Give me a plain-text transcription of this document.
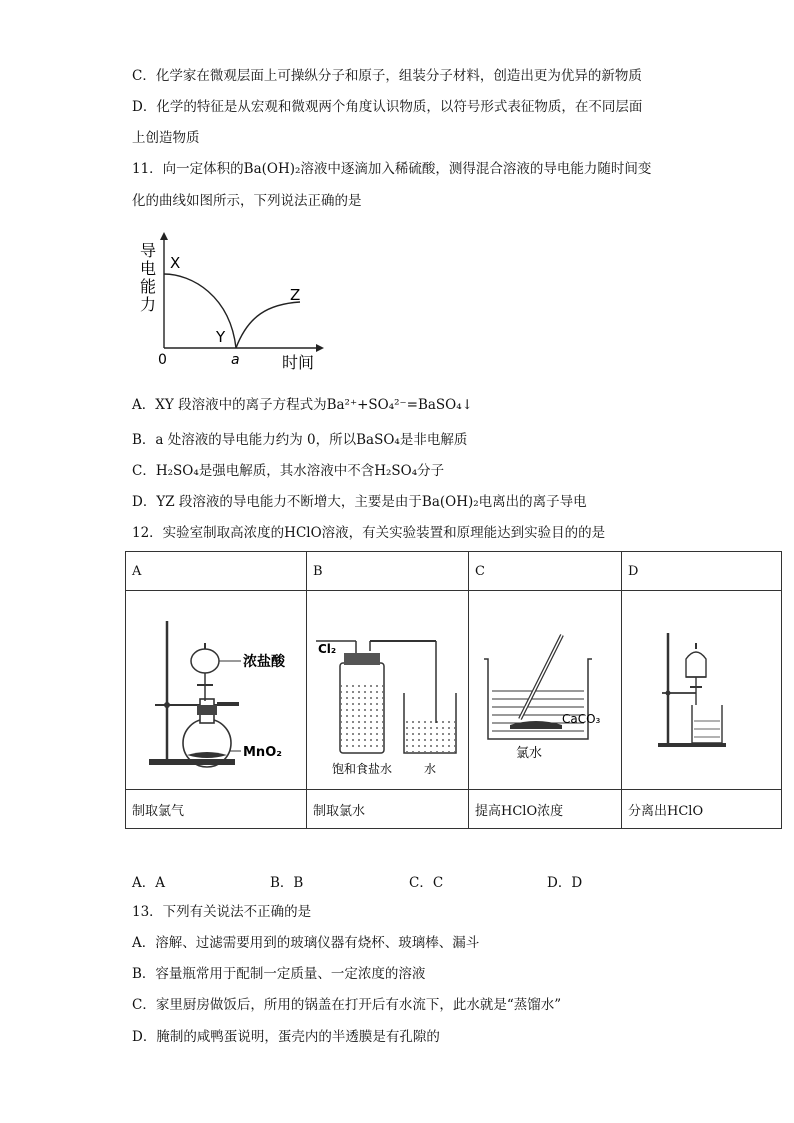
C．化学家在微观层面上可操纵分子和原子，组装分子材料，创造出更为优异的新物质
D．化学的特征是从宏观和微观两个角度认识物质，以符号形式表征物质，在不同层面
上创造物质
11．向一定体积的Ba(OH)₂溶液中逐滴加入稀硫酸，测得混合溶液的导电能力随时间变
化的曲线如图所示，下列说法正确的是
导
电
能
力
X
Y
Z
0	a	时间
A．XY 段溶液中的离子方程式为Ba²⁺+SO₄²⁻=BaSO₄↓
B．a 处溶液的导电能力约为 0，所以BaSO₄是非电解质
C．H₂SO₄是强电解质，其水溶液中不含H₂SO₄分子
D．YZ 段溶液的导电能力不断增大，主要是由于Ba(OH)₂电离出的离子导电
12．实验室制取高浓度的HClO溶液，有关实验装置和原理能达到实验目的的是
A	B	C	D

浓盐酸
MnO₂	Cl₂
饱和食盐水 水	CaCO₃
氯水

制取氯气	制取氯水	提高HClO浓度	分离出HClO
A．A	B．B	C．C	D．D
13．下列有关说法不正确的是
A．溶解、过滤需要用到的玻璃仪器有烧杯、玻璃棒、漏斗
B．容量瓶常用于配制一定质量、一定浓度的溶液
C．家里厨房做饭后，所用的锅盖在打开后有水流下，此水就是“蒸馏水”
D．腌制的咸鸭蛋说明，蛋壳内的半透膜是有孔隙的
